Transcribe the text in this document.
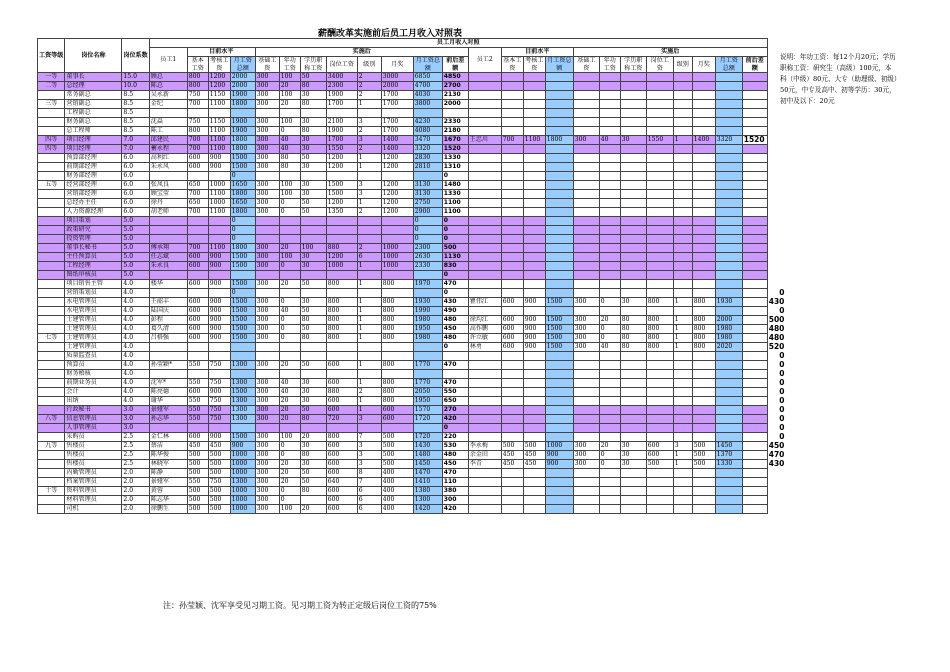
薪酬改革实施前后员工月收入对照表
工资等级	岗位名称	岗位系数	员工月收入对照																								
			员工1	目前水平			实施后								员工2	目前水平			实施后								
				基本工资	考核工资	月工资总额	基础工资	年功工资	学历职称工资	岗位工资	级别	月奖	月工资总额	前后差额		基本工资	考核工资	月工资总额	基础工资	年功工资	学历职称工资	岗位工资	级别	月奖	月工资总额	前后差额	
一等	董事长	15.0	顾总	800	1200	2000	300	100	50	3400	2	3000	6850	4850													
二等	总经理	10.0	陈总	800	1200	2000	300	20	80	2300	2	2000	4700	2700													
	常务副总	8.5	吴永新	750	1150	1900	300	100	30	1900	2	1700	4030	2130													
三等	营销副总	8.5	金纪	700	1100	1800	300	20	80	1700	1	1700	3800	2000													
	工程副总	8.5																									
	财务副总	8.5	沈焱	750	1150	1900	300	100	30	2100	3	1700	4230	2330													
	总工程师	8.5	陈工	800	1100	1900	300	0	80	1900	2	1700	4080	2180													
四等	项目经理	7.0	邱建民	700	1100	1800	300	40	30	1700	3	1400	3470	1670	王忠川	700	1100	1800	300	40	30	1550	1	1400	3320	1520	
四等	项目经理	7.0	蓄永程	700	1100	1800	300	40	30	1550	2	1400	3320	1520													
	预算部经理	6.0	高利红	600	900	1500	300	80	50	1200	1	1200	2830	1330													
	前期部经理	6.0	朱永风	600	900	1500	300	80	30	1200	1	1200	2810	1310													
	财务部经理	6.0				0								0													
五等	经营部经理	6.0	张凤良	650	1000	1650	300	100	30	1500	3	1200	3130	1480													
	营销部经理	6.0	顾宝莹	700	1100	1800	300	100	30	1500	3	1200	3130	1330													
	总经办主任	6.0	徐丹	650	1000	1650	300	0	50	1200	1	1200	2750	1100													
	人力资源经理	6.0	胡老师	700	1100	1800	300	0	50	1350	2	1200	2900	1100													
	项目策划	5.0				0							0	0													
	政策研究	5.0				0							0	0													
	投资管理	5.0				0							0	0													
	董事长秘书	5.0	傅承翔	700	1100	1800	300	20	100	880	2	1000	2300	500													
	主任预算员	5.0	任志斌	600	900	1500	300	100	30	1200	6	1000	2630	1130													
	工程经理	5.0	朱永良	600	900	1500	300	0	30	1000	1	1000	2330	830													
	图纸审核员	5.0												0													
	项目销售主管	4.0	楼华	600	900	1500	300	20	50	800	1	800	1970	470													
	营销策划员	4.0				0								0													0
	水电管理员	4.0	王韶丰	600	900	1500	300	0	30	800	1	800	1930	430	瞿伟江	600	900	1500	300	0	30	800	1	800	1930		430
	水电管理员	4.0	陆国庆	600	900	1500	300	40	50	800	1	800	1990	490													0
	土建管理员	4.0	彭程	600	900	1500	300	0	80	800	1	800	1980	480	徐均江	600	900	1500	300	20	80	800	1	800	2000		500
	土建管理员	4.0	葛久清	600	900	1500	300	0	50	800	1	800	1950	450	高作鹏	600	900	1500	300	0	80	800	1	800	1980		480
七等	土建管理员	4.0	吕格强	600	900	1500	300	0	80	800	1	800	1980	480	许立敏	600	900	1500	300	0	80	800	1	800	1980		480
	土建管理员	4.0												0	林勇	600	900	1500	300	40	80	800	1	800	2020		520
	质量监查员	4.0																									0
	预算员	4.0	孙莹颖*	550	750	1300	300	20	50	600	1	800	1770	470													0
	财务稽核	4.0																									0
	前期业务员	4.0	沈军*	550	750	1300	300	40	30	600	1	800	1770	470													0
	会计	4.0	陈亮德	600	900	1500	300	40	30	880	2	800	2050	550													0
	出纳	4.0	谢华	550	750	1300	300	20	30	600	1	800	1950	650													0
	行政秘书	3.0	景娅军	550	750	1300	300	20	50	600	1	600	1570	270													0
八等	信息管理员	3.0	孙志华	550	750	1300	300	20	80	720	3	600	1720	420													0
	人事管理员	3.0												0													0
	采购员	2.5	金仁林	600	900	1500	300	100	20	800	7	500	1720	220													0
九等	售楼员	2.5	蔡洁	450	450	900	300	0	30	600	3	500	1430	530	李永梅	500	500	1000	300	20	30	600	3	500	1450		450
	售楼员	2.5	陈华俊	500	500	1000	300	0	80	600	3	500	1480	480	余金田	450	450	900	300	0	30	600	1	500	1370		470
	售楼员	2.5	林晓军	500	500	1000	300	20	30	600	3	500	1450	450	李青	450	450	900	300	0	30	500	1	500	1330		430
	内勤管理员	2.0	陈静	500	500	1000	300	20	50	600	8	400	1470	470													
	档案管理员	2.0	景娅军	550	750	1300	300	20	50	640	7	400	1410	110													
十等	资料管理员	2.0	黄蓉	500	500	1000	300	0	80	600	6	400	1380	380													
	材料管理员	2.0	陈志华	500	500	1000	300	0		600	6	400	1300	300													
	司机	2.0	徐鹏生	500	500	1000	300	100	20	600	6	400	1420	420													
说明：年功工资：每12个月20元；学历职称工资：研究生（高级）100元，本科（中级）80元、大专（助理级、初级）50元，中专及高中、初等学历：30元，初中及以下：20元
注：孙莹颖、沈军享受见习期工资。见习期工资为转正定级后岗位工资的75%
